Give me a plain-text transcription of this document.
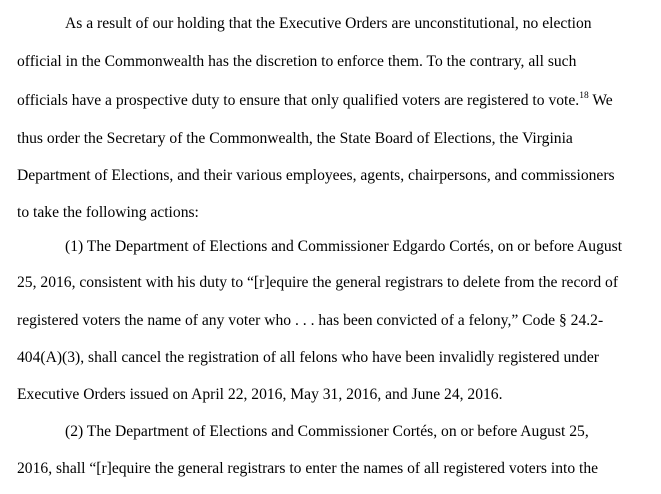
As a result of our holding that the Executive Orders are unconstitutional, no election
official in the Commonwealth has the discretion to enforce them. To the contrary, all such
officials have a prospective duty to ensure that only qualified voters are registered to vote.$^{18}$ We
thus order the Secretary of the Commonwealth, the State Board of Elections, the Virginia
Department of Elections, and their various employees, agents, chairpersons, and commissioners
to take the following actions:
(1) The Department of Elections and Commissioner Edgardo Cortés, on or before August
25, 2016, consistent with his duty to “[r]equire the general registrars to delete from the record of
registered voters the name of any voter who . . . has been convicted of a felony,” Code § 24.2-
404(A)(3), shall cancel the registration of all felons who have been invalidly registered under
Executive Orders issued on April 22, 2016, May 31, 2016, and June 24, 2016.
(2) The Department of Elections and Commissioner Cortés, on or before August 25,
2016, shall “[r]equire the general registrars to enter the names of all registered voters into the
